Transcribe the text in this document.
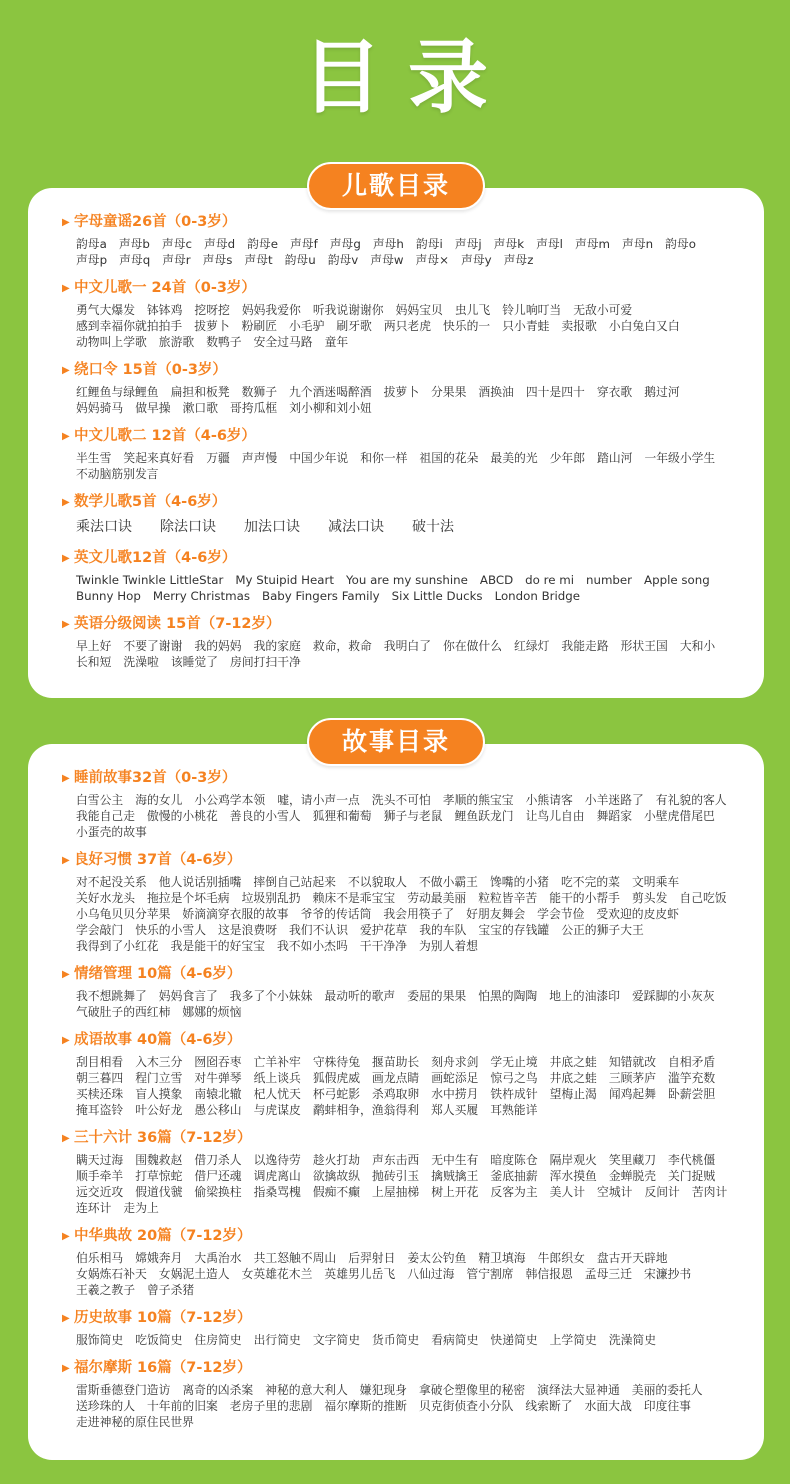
目录
▶ 字母童谣26首（0-3岁）
韵母a 声母b 声母c 声母d 韵母e 声母f 声母g 声母h 韵母i 声母j 声母k 声母l 声母m 声母n 韵母o声母p 声母q 声母r 声母s 声母t 韵母u 韵母v 声母w 声母× 声母y 声母z
▶ 中文儿歌一 24首（0-3岁）
勇气大爆发 钵钵鸡 挖呀挖 妈妈我爱你 听我说谢谢你 妈妈宝贝 虫儿飞 铃儿响叮当 无敌小可爱感到幸福你就拍拍手 拔萝卜 粉刷匠 小毛驴 刷牙歌 两只老虎 快乐的一 只小青蛙 卖报歌 小白兔白又白动物叫上学歌 旅游歌 数鸭子 安全过马路 童年
▶ 绕口令 15首（0-3岁）
红鲤鱼与绿鲤鱼 扁担和板凳 数狮子 九个酒迷喝醉酒 拔萝卜 分果果 酒换油 四十是四十 穿衣歌 鹅过河妈妈骑马 做早操 漱口歌 哥挎瓜框 刘小柳和刘小妞
▶ 中文儿歌二 12首（4-6岁）
半生雪 笑起来真好看 万疆 声声慢 中国少年说 和你一样 祖国的花朵 最美的光 少年郎 踏山河 一年级小学生不动脑筋别发言
▶ 数学儿歌5首（4-6岁）
乘法口诀 除法口诀 加法口诀 减法口诀 破十法
▶ 英文儿歌12首（4-6岁）
Twinkle Twinkle LittleStar My Stuipid Heart You are my sunshine ABCD do re mi number Apple songBunny Hop Merry Christmas Baby Fingers Family Six Little Ducks London Bridge
▶ 英语分级阅读 15首（7-12岁）
早上好 不要了谢谢 我的妈妈 我的家庭 救命，救命 我明白了 你在做什么 红绿灯 我能走路 形状王国 大和小长和短 洗澡啦 该睡觉了 房间打扫干净
儿歌目录
▶ 睡前故事32首（0-3岁）
白雪公主 海的女儿 小公鸡学本领 嘘，请小声一点 洗头不可怕 孝顺的熊宝宝 小熊请客 小羊迷路了 有礼貌的客人我能自己走 傲慢的小桃花 善良的小雪人 狐狸和葡萄 狮子与老鼠 鲤鱼跃龙门 让鸟儿自由 舞蹈家 小壁虎借尾巴小蛋壳的故事
▶ 良好习惯 37首（4-6岁）
对不起没关系 他人说话别插嘴 摔倒自己站起来 不以貌取人 不做小霸王 馋嘴的小猪 吃不完的菜 文明乘车关好水龙头 拖拉是个坏毛病 垃圾别乱扔 赖床不是乖宝宝 劳动最美丽 粒粒皆辛苦 能干的小帮手 剪头发 自己吃饭小乌龟贝贝分苹果 娇滴滴穿衣服的故事 爷爷的传话筒 我会用筷子了 好朋友舞会 学会节俭 受欢迎的皮皮虾学会敲门 快乐的小雪人 这是浪费呀 我们不认识 爱护花草 我的车队 宝宝的存钱罐 公正的狮子大王我得到了小红花 我是能干的好宝宝 我不如小杰吗 干干净净 为别人着想
▶ 情绪管理 10篇（4-6岁）
我不想跳舞了 妈妈食言了 我多了个小妹妹 最动听的歌声 委屈的果果 怕黑的陶陶 地上的油漆印 爱踩脚的小灰灰气破肚子的西红柿 娜娜的烦恼
▶ 成语故事 40篇（4-6岁）
刮目相看 入木三分 囫囵吞枣 亡羊补牢 守株待兔 揠苗助长 刻舟求剑 学无止境 井底之蛙 知错就改 自相矛盾朝三暮四 程门立雪 对牛弹琴 纸上谈兵 狐假虎威 画龙点睛 画蛇添足 惊弓之鸟 井底之蛙 三顾茅庐 滥竽充数买椟还珠 盲人摸象 南辕北辙 杞人忧天 杯弓蛇影 杀鸡取卵 水中捞月 铁杵成针 望梅止渴 闻鸡起舞 卧薪尝胆掩耳盗铃 叶公好龙 愚公移山 与虎谋皮 鹬蚌相争，渔翁得利 郑人买履 耳熟能详
▶ 三十六计 36篇（7-12岁）
瞒天过海 围魏救赵 借刀杀人 以逸待劳 趁火打劫 声东击西 无中生有 暗度陈仓 隔岸观火 笑里藏刀 李代桃僵顺手牵羊 打草惊蛇 借尸还魂 调虎离山 欲擒故纵 抛砖引玉 擒贼擒王 釜底抽薪 浑水摸鱼 金蝉脱壳 关门捉贼远交近攻 假道伐虢 偷梁换柱 指桑骂槐 假痴不癫 上屋抽梯 树上开花 反客为主 美人计 空城计 反间计 苦肉计连环计 走为上
▶ 中华典故 20篇（7-12岁）
伯乐相马 嫦娥奔月 大禹治水 共工怒触不周山 后羿射日 姜太公钓鱼 精卫填海 牛郎织女 盘古开天辟地女娲炼石补天 女娲泥土造人 女英雄花木兰 英雄男儿岳飞 八仙过海 管宁割席 韩信报恩 孟母三迁 宋濂抄书王羲之教子 曾子杀猪
▶ 历史故事 10篇（7-12岁）
服饰简史 吃饭简史 住房简史 出行简史 文字简史 货币简史 看病简史 快递简史 上学简史 洗澡简史
▶ 福尔摩斯 16篇（7-12岁）
雷斯垂德登门造访 离奇的凶杀案 神秘的意大利人 嫌犯现身 拿破仑塑像里的秘密 演绎法大显神通 美丽的委托人送珍珠的人 十年前的旧案 老房子里的悲剧 福尔摩斯的推断 贝克街侦查小分队 线索断了 水面大战 印度往事走进神秘的原住民世界
故事目录
